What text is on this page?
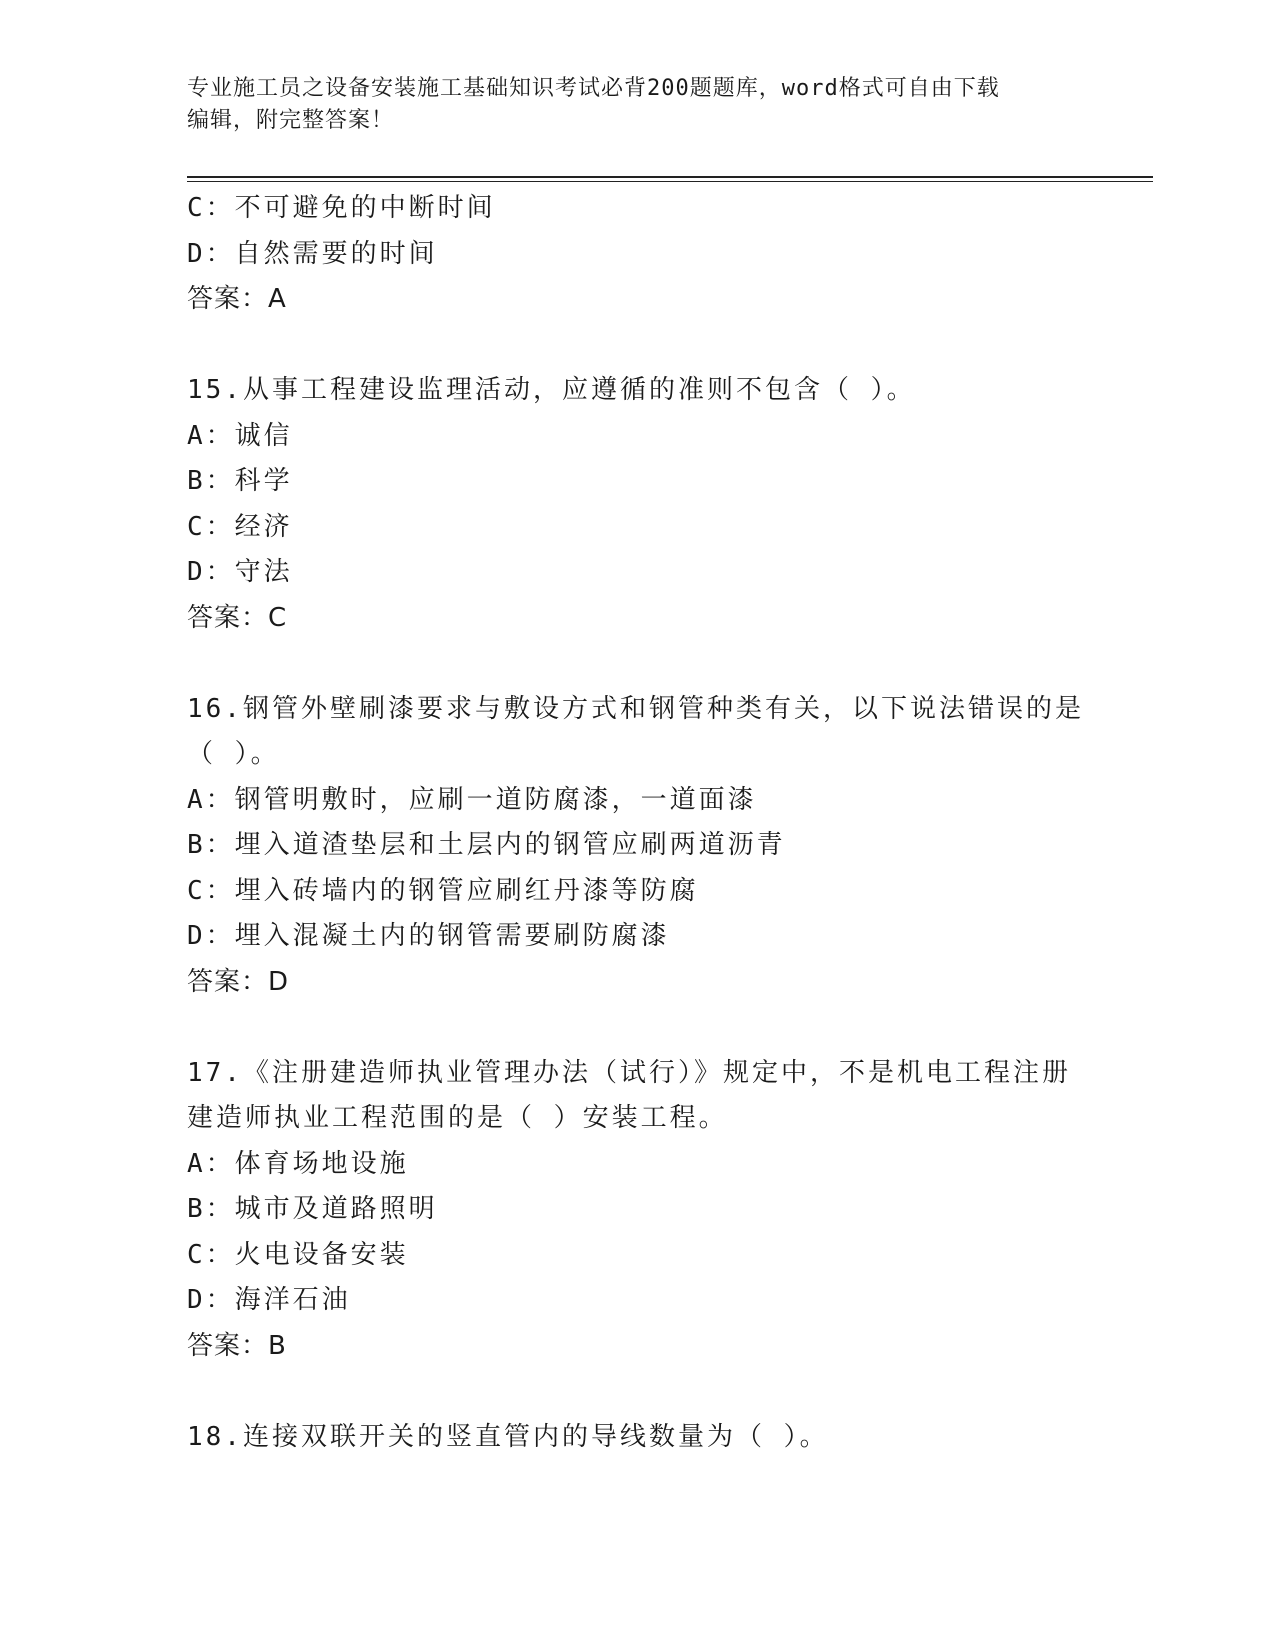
专业施工员之设备安装施工基础知识考试必背200题题库，word格式可自由下载
编辑，附完整答案！
C：不可避免的中断时间
D：自然需要的时间
答案：A
15.从事工程建设监理活动，应遵循的准则不包含（ ）。
A：诚信
B：科学
C：经济
D：守法
答案：C
16.钢管外壁刷漆要求与敷设方式和钢管种类有关，以下说法错误的是
（ ）。
A：钢管明敷时，应刷一道防腐漆，一道面漆
B：埋入道渣垫层和土层内的钢管应刷两道沥青
C：埋入砖墙内的钢管应刷红丹漆等防腐
D：埋入混凝土内的钢管需要刷防腐漆
答案：D
17.《注册建造师执业管理办法（试行）》规定中，不是机电工程注册
建造师执业工程范围的是（ ）安装工程。
A：体育场地设施
B：城市及道路照明
C：火电设备安装
D：海洋石油
答案：B
18.连接双联开关的竖直管内的导线数量为（ ）。
